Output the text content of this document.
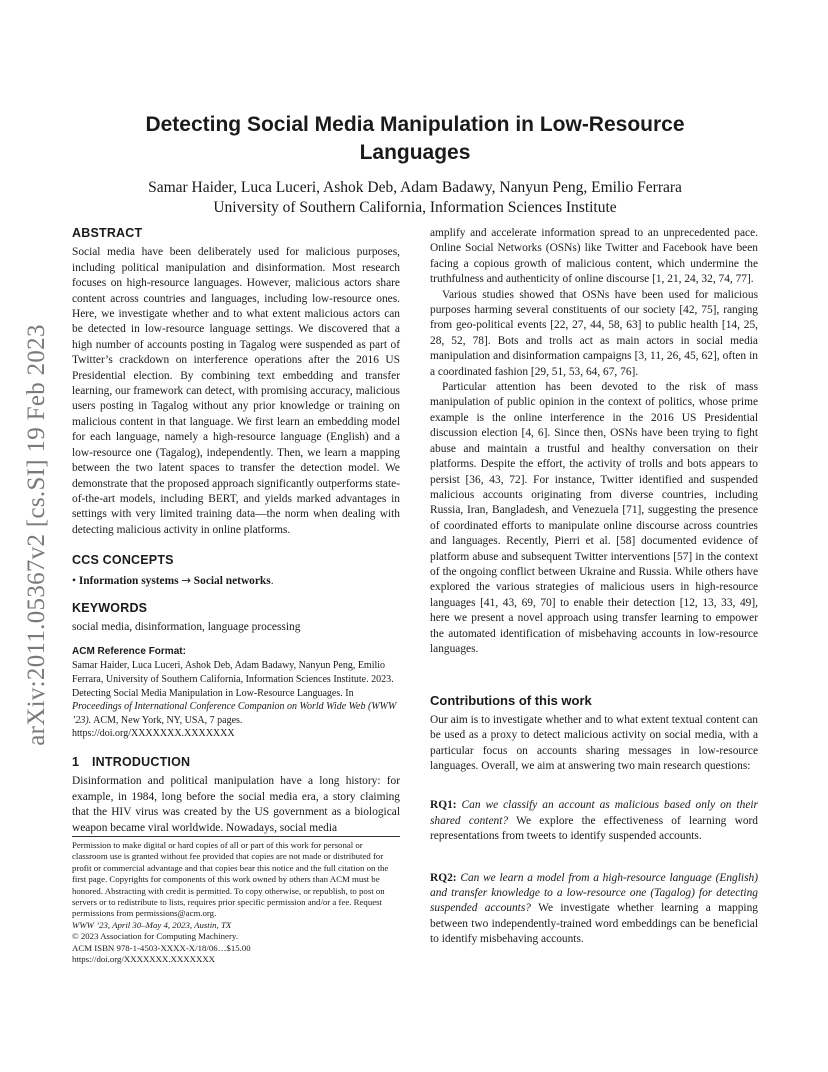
arXiv:2011.05367v2 [cs.SI] 19 Feb 2023
Detecting Social Media Manipulation in Low-Resource
Languages
Samar Haider, Luca Luceri, Ashok Deb, Adam Badawy, Nanyun Peng, Emilio Ferrara
University of Southern California, Information Sciences Institute
ABSTRACT

Social media have been deliberately used for malicious purposes, including political manipulation and disinformation. Most research focuses on high-resource languages. However, malicious actors share content across countries and languages, including low-resource ones. Here, we investigate whether and to what extent malicious actors can be detected in low-resource language settings. We discovered that a high number of accounts posting in Tagalog were suspended as part of Twitter’s crackdown on interference operations after the 2016 US Presidential election. By combining text embedding and transfer learning, our framework can detect, with promising accuracy, malicious users posting in Tagalog without any prior knowledge or training on malicious content in that language. We first learn an embedding model for each language, namely a high-resource language (English) and a low-resource one (Tagalog), independently. Then, we learn a mapping between the two latent spaces to transfer the detection model. We demonstrate that the proposed approach significantly outperforms state-of-the-art models, including BERT, and yields marked advantages in settings with very limited training data—the norm when dealing with detecting malicious activity in online platforms.

CCS CONCEPTS

• Information systems → Social networks.

KEYWORDS

social media, disinformation, language processing

ACM Reference Format:

Samar Haider, Luca Luceri, Ashok Deb, Adam Badawy, Nanyun Peng, Emilio Ferrara, University of Southern California, Information Sciences Institute. 2023. Detecting Social Media Manipulation in Low-Resource Languages. In Proceedings of International Conference Companion on World Wide Web (WWW ’23). ACM, New York, NY, USA, 7 pages. https://doi.org/XXXXXXX.XXXXXXX

1 INTRODUCTION

Disinformation and political manipulation have a long history: for example, in 1984, long before the social media era, a story claiming that the HIV virus was created by the US government as a biological weapon became viral worldwide. Nowadays, social media

Permission to make digital or hard copies of all or part of this work for personal or classroom use is granted without fee provided that copies are not made or distributed for profit or commercial advantage and that copies bear this notice and the full citation on the first page. Copyrights for components of this work owned by others than ACM must be honored. Abstracting with credit is permitted. To copy otherwise, or republish, to post on servers or to redistribute to lists, requires prior specific permission and/or a fee. Request permissions from permissions@acm.org.

WWW ’23, April 30–May 4, 2023, Austin, TX

© 2023 Association for Computing Machinery.

ACM ISBN 978-1-4503-XXXX-X/18/06…$15.00

https://doi.org/XXXXXXX.XXXXXXX

amplify and accelerate information spread to an unprecedented pace. Online Social Networks (OSNs) like Twitter and Facebook have been facing a copious growth of malicious content, which undermine the truthfulness and authenticity of online discourse [1, 21, 24, 32, 74, 77].

Various studies showed that OSNs have been used for malicious purposes harming several constituents of our society [42, 75], ranging from geo-political events [22, 27, 44, 58, 63] to public health [14, 25, 28, 52, 78]. Bots and trolls act as main actors in social media manipulation and disinformation campaigns [3, 11, 26, 45, 62], often in a coordinated fashion [29, 51, 53, 64, 67, 76].

Particular attention has been devoted to the risk of mass manipulation of public opinion in the context of politics, whose prime example is the online interference in the 2016 US Presidential discussion election [4, 6]. Since then, OSNs have been trying to fight abuse and maintain a trustful and healthy conversation on their platforms. Despite the effort, the activity of trolls and bots appears to persist [36, 43, 72]. For instance, Twitter identified and suspended malicious accounts originating from diverse countries, including Russia, Iran, Bangladesh, and Venezuela [71], suggesting the presence of coordinated efforts to manipulate online discourse across countries and languages. Recently, Pierri et al. [58] documented evidence of platform abuse and subsequent Twitter interventions [57] in the context of the ongoing conflict between Ukraine and Russia. While others have explored the various strategies of malicious users in high-resource languages [41, 43, 69, 70] to enable their detection [12, 13, 33, 49], here we present a novel approach using transfer learning to empower the automated identification of misbehaving accounts in low-resource languages.

Contributions of this work

Our aim is to investigate whether and to what extent textual content can be used as a proxy to detect malicious activity on social media, with a particular focus on accounts sharing messages in low-resource languages. Overall, we aim at answering two main research questions:

RQ1: Can we classify an account as malicious based only on their shared content? We explore the effectiveness of learning word representations from tweets to identify suspended accounts.

RQ2: Can we learn a model from a high-resource language (English) and transfer knowledge to a low-resource one (Tagalog) for detecting suspended accounts? We investigate whether learning a mapping between two independently-trained word embeddings can be beneficial to identify misbehaving accounts.
